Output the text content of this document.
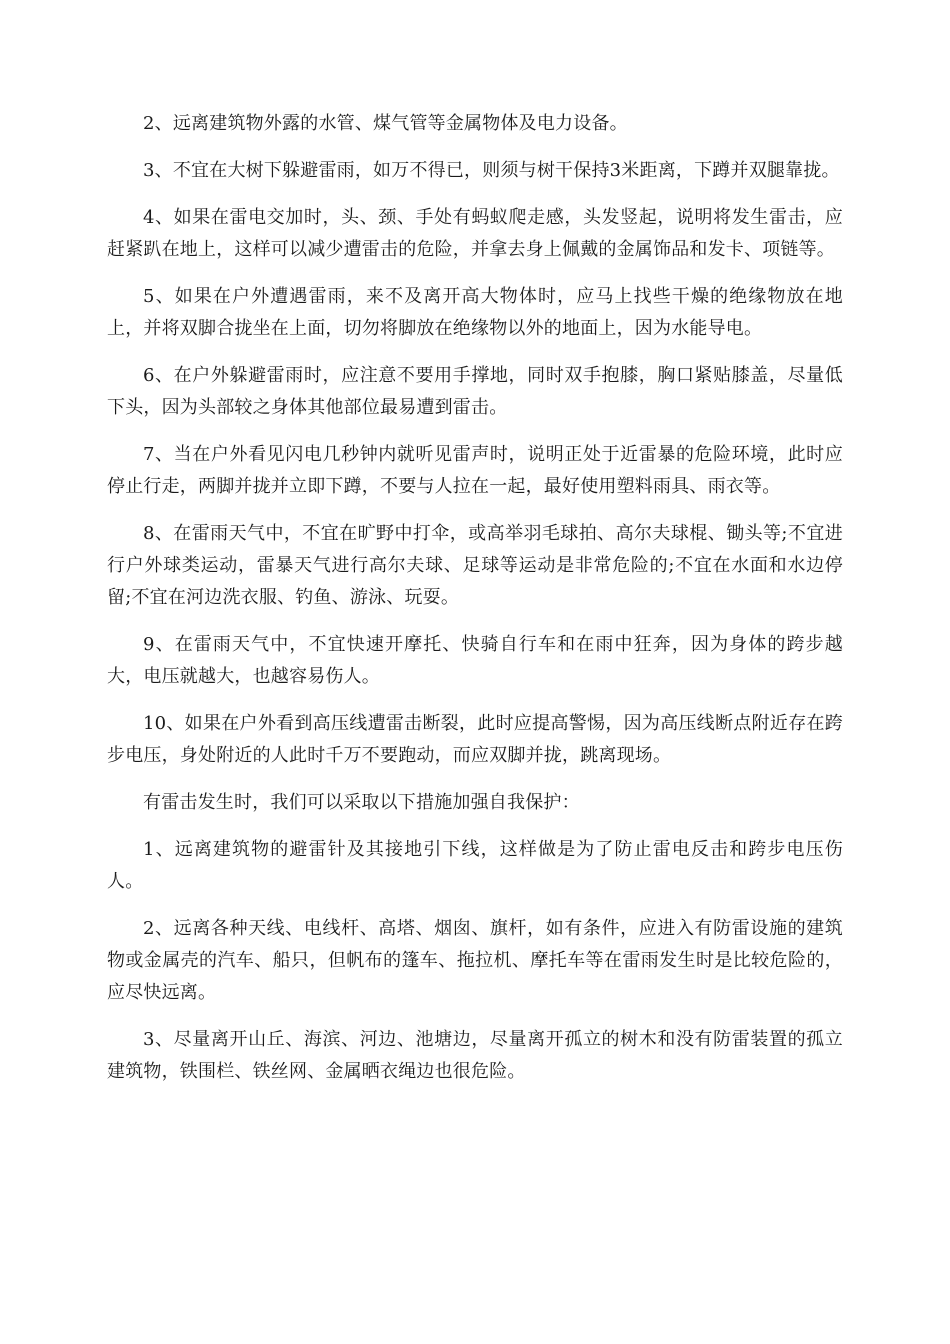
2、远离建筑物外露的水管、煤气管等金属物体及电力设备。

3、不宜在大树下躲避雷雨，如万不得已，则须与树干保持3米距离，下蹲并双腿靠拢。

4、如果在雷电交加时，头、颈、手处有蚂蚁爬走感，头发竖起，说明将发生雷击，应赶紧趴在地上，这样可以减少遭雷击的危险，并拿去身上佩戴的金属饰品和发卡、项链等。

5、如果在户外遭遇雷雨，来不及离开高大物体时，应马上找些干燥的绝缘物放在地上，并将双脚合拢坐在上面，切勿将脚放在绝缘物以外的地面上，因为水能导电。

6、在户外躲避雷雨时，应注意不要用手撑地，同时双手抱膝，胸口紧贴膝盖，尽量低下头，因为头部较之身体其他部位最易遭到雷击。

7、当在户外看见闪电几秒钟内就听见雷声时，说明正处于近雷暴的危险环境，此时应停止行走，两脚并拢并立即下蹲，不要与人拉在一起，最好使用塑料雨具、雨衣等。

8、在雷雨天气中，不宜在旷野中打伞，或高举羽毛球拍、高尔夫球棍、锄头等;不宜进行户外球类运动，雷暴天气进行高尔夫球、足球等运动是非常危险的;不宜在水面和水边停留;不宜在河边洗衣服、钓鱼、游泳、玩耍。

9、在雷雨天气中，不宜快速开摩托、快骑自行车和在雨中狂奔，因为身体的跨步越大，电压就越大，也越容易伤人。

10、如果在户外看到高压线遭雷击断裂，此时应提高警惕，因为高压线断点附近存在跨步电压，身处附近的人此时千万不要跑动，而应双脚并拢，跳离现场。

有雷击发生时，我们可以采取以下措施加强自我保护：

1、远离建筑物的避雷针及其接地引下线，这样做是为了防止雷电反击和跨步电压伤人。

2、远离各种天线、电线杆、高塔、烟囱、旗杆，如有条件，应进入有防雷设施的建筑物或金属壳的汽车、船只，但帆布的篷车、拖拉机、摩托车等在雷雨发生时是比较危险的，应尽快远离。

3、尽量离开山丘、海滨、河边、池塘边，尽量离开孤立的树木和没有防雷装置的孤立建筑物，铁围栏、铁丝网、金属晒衣绳边也很危险。
